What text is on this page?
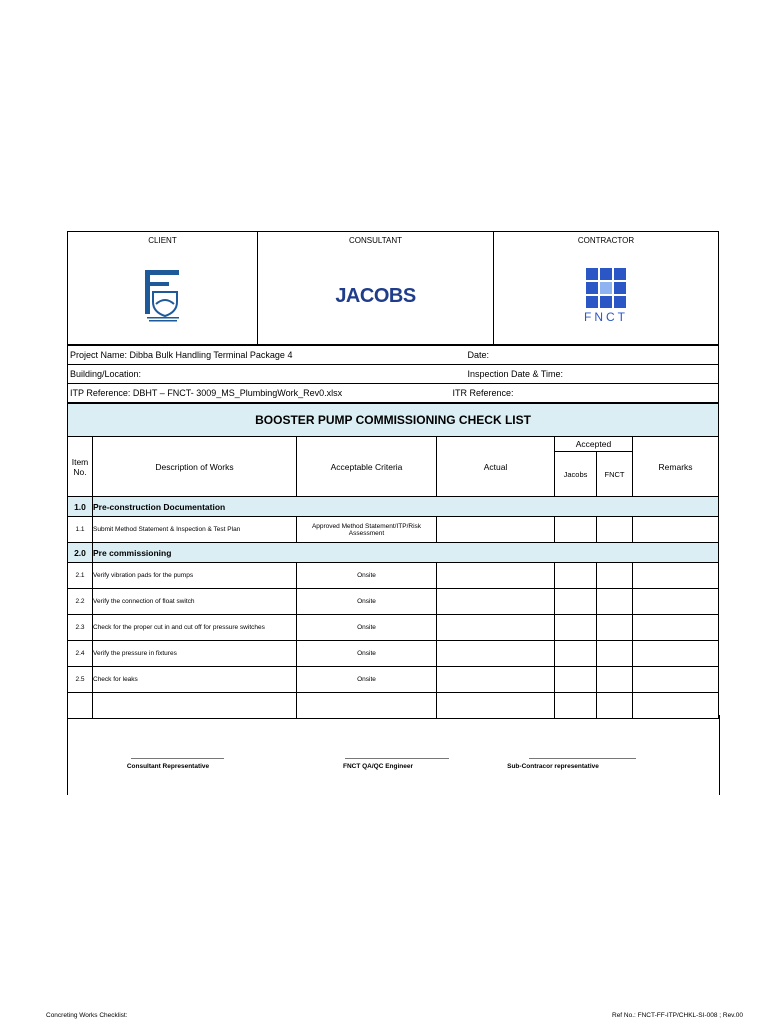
CLIENT	CONSULTANT	CONTRACTOR
	JACOBS	FNCT
Project Name: Dibba Bulk Handling Terminal Package 4	Date:
Building/Location:	Inspection Date & Time:
ITP Reference: DBHT – FNCT- 3009_MS_PlumbingWork_Rev0.xlsx	ITR Reference:
BOOSTER PUMP COMMISSIONING CHECK LIST						
Item No.	Description of Works	Acceptable Criteria	Actual	Accepted		Remarks
				Jacobs	FNCT	
1.0	Pre-construction Documentation					
1.1	Submit Method Statement & Inspection & Test Plan	Approved Method Statement/ITP/Risk Assessment				
2.0	Pre commissioning					
2.1	Verify vibration pads for the pumps	Onsite				
2.2	Verify the connection of float switch	Onsite				
2.3	Check for the proper cut in and cut off for pressure switches	Onsite				
2.4	Verify the pressure in fixtures	Onsite				
2.5	Check for leaks	Onsite				

Consultant Representative	FNCT QA/QC Engineer	Sub-Contracor representative
Concreting Works Checklist:	Ref No.: FNCT-FF-ITP/CHKL-SI-008 ; Rev.00
